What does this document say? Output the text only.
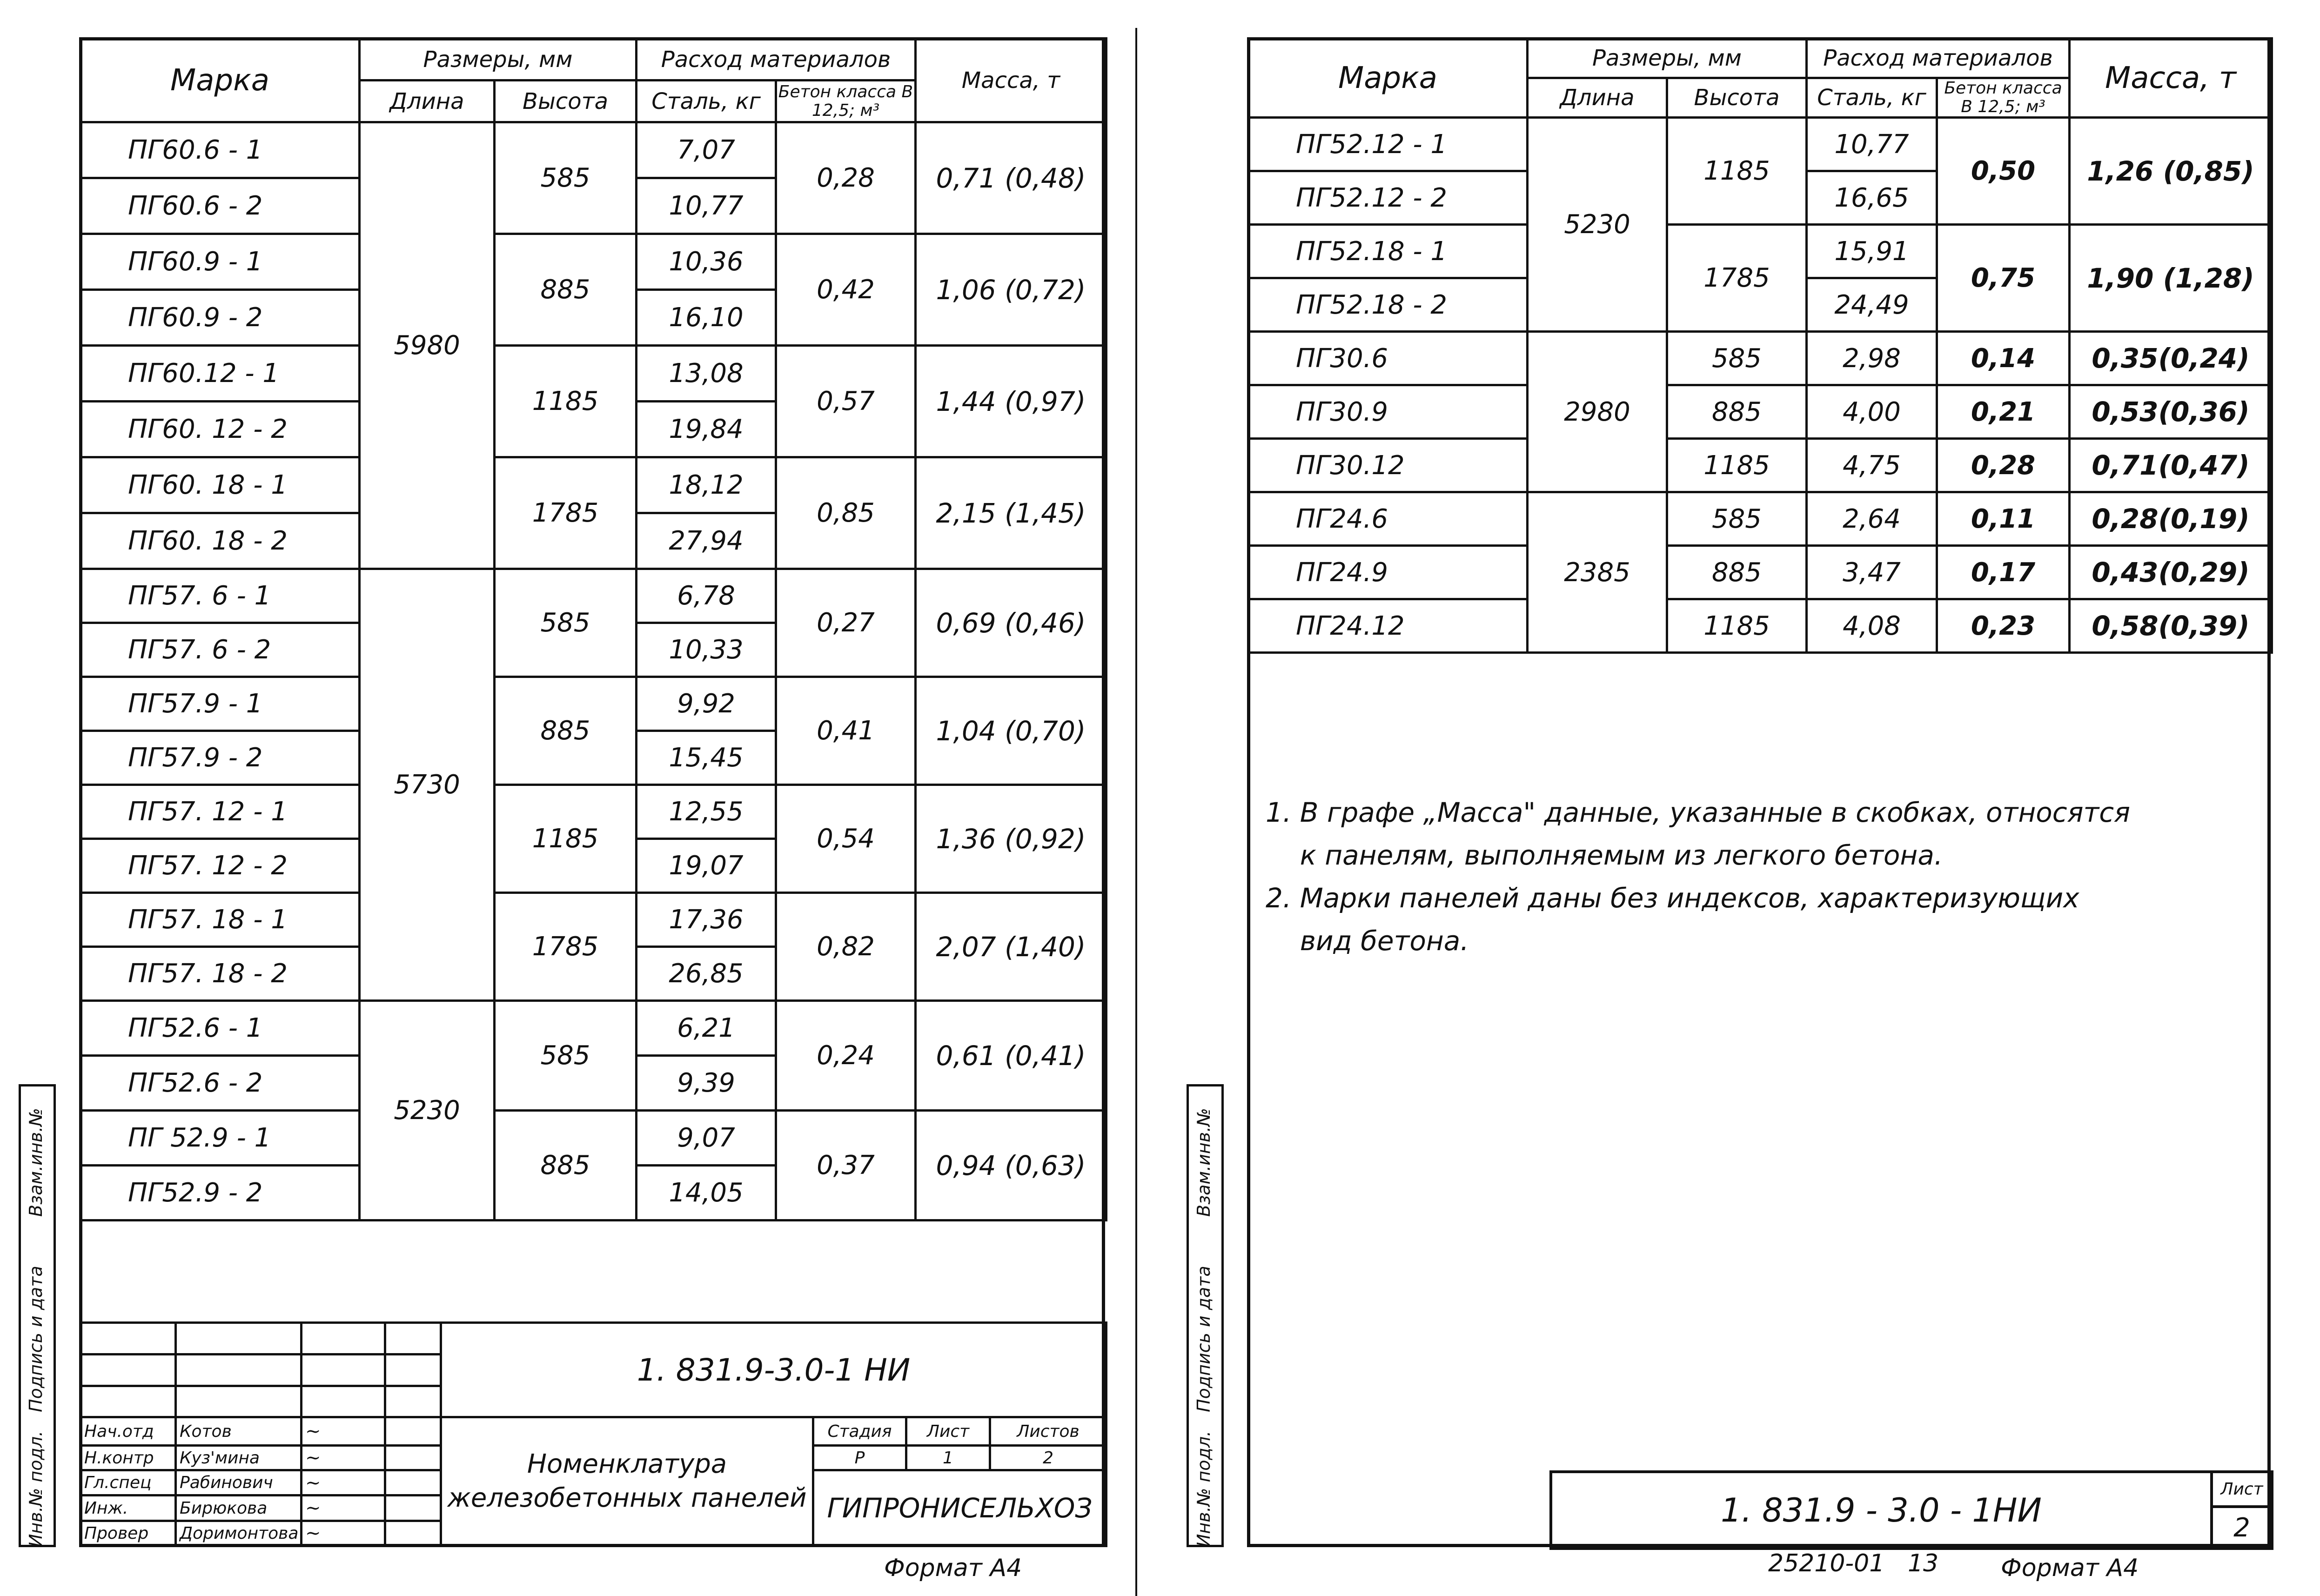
Марка	Размеры, мм		Расход материалов		Масса, т
	Длина	Высота	Сталь, кг	Бетон класса В 12,5; м³	
ПГ60.6 - 1	5980	585	7,07	0,28	0,71 (0,48)
ПГ60.6 - 2			10,77		
ПГ60.9 - 1		885	10,36	0,42	1,06 (0,72)
ПГ60.9 - 2			16,10		
ПГ60.12 - 1		1185	13,08	0,57	1,44 (0,97)
ПГ60. 12 - 2			19,84		
ПГ60. 18 - 1		1785	18,12	0,85	2,15 (1,45)
ПГ60. 18 - 2			27,94		
ПГ57. 6 - 1	5730	585	6,78	0,27	0,69 (0,46)
ПГ57. 6 - 2			10,33		
ПГ57.9 - 1		885	9,92	0,41	1,04 (0,70)
ПГ57.9 - 2			15,45		
ПГ57. 12 - 1		1185	12,55	0,54	1,36 (0,92)
ПГ57. 12 - 2			19,07		
ПГ57. 18 - 1		1785	17,36	0,82	2,07 (1,40)
ПГ57. 18 - 2			26,85		
ПГ52.6 - 1	5230	585	6,21	0,24	0,61 (0,41)
ПГ52.6 - 2			9,39		
ПГ 52.9 - 1		885	9,07	0,37	0,94 (0,63)
ПГ52.9 - 2			14,05		
Инв.№ подл.
Подпись и дата
Взам.инв.№
				1. 831.9-3.0-1 НИ			

Нач.отд	Котов	~		Номенклатура
железобетонных панелей	Стадия	Лист	Листов
Н.контр	Куз'мина	~			Р	1	2
Гл.спец	Рабинович	~			ГИПРОНИСЕЛЬХОЗ		
Инж.	Бирюкова	~					
Провер	Доримонтова	~					
Формат А4
Марка	Размеры, мм		Расход материалов		Масса, т
	Длина	Высота	Сталь, кг	Бетон класса В 12,5; м³	
ПГ52.12 - 1	5230	1185	10,77	0,50	1,26 (0,85)
ПГ52.12 - 2			16,65		
ПГ52.18 - 1		1785	15,91	0,75	1,90 (1,28)
ПГ52.18 - 2			24,49		
ПГ30.6	2980	585	2,98	0,14	0,35(0,24)
ПГ30.9		885	4,00	0,21	0,53(0,36)
ПГ30.12		1185	4,75	0,28	0,71(0,47)
ПГ24.6	2385	585	2,64	0,11	0,28(0,19)
ПГ24.9		885	3,47	0,17	0,43(0,29)
ПГ24.12		1185	4,08	0,23	0,58(0,39)
1. В графе „Масса" данные, указанные в скобках, относятся
к панелям, выполняемым из легкого бетона.
2. Марки панелей даны без индексов, характеризующих
вид бетона.
Инв.№ подл.
Подпись и дата
Взам.инв.№
1. 831.9 - 3.0 - 1НИ	Лист
2
25210-01   13	Формат А4
